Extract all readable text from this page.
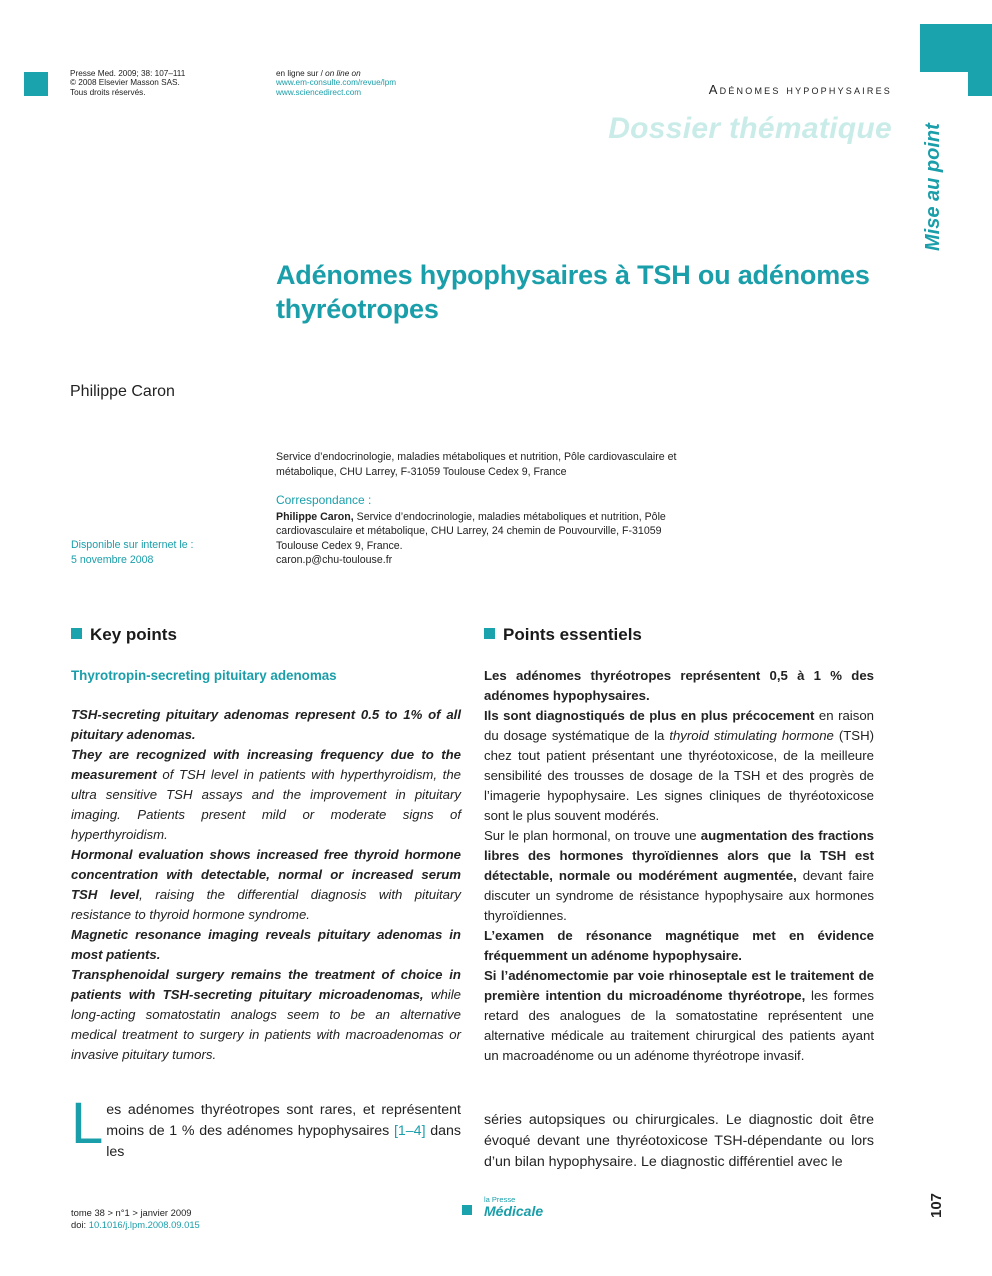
Presse Med. 2009; 38: 107–111
© 2008 Elsevier Masson SAS.
Tous droits réservés.
en ligne sur / on line on
www.em-consulte.com/revue/lpm
www.sciencedirect.com	Adénomes hypophysaires
Dossier thématique Mise au point
Adénomes hypophysaires à TSH ou adénomes thyréotropes
Philippe Caron
Service d’endocrinologie, maladies métaboliques et nutrition, Pôle cardiovasculaire et métabolique, CHU Larrey, F-31059 Toulouse Cedex 9, France
Correspondance :
Philippe Caron, Service d’endocrinologie, maladies métaboliques et nutrition, Pôle cardiovasculaire et métabolique, CHU Larrey, 24 chemin de Pouvourville, F-31059 Toulouse Cedex 9, France.
caron.p@chu-toulouse.fr
Disponible sur internet le :
5 novembre 2008
Key points
Thyrotropin-secreting pituitary adenomas

TSH-secreting pituitary adenomas represent 0.5 to 1% of all pituitary adenomas.

They are recognized with increasing frequency due to the measurement of TSH level in patients with hyperthyroidism, the ultra sensitive TSH assays and the improvement in pituitary imaging. Patients present mild or moderate signs of hyperthyroidism.

Hormonal evaluation shows increased free thyroid hormone concentration with detectable, normal or increased serum TSH level, raising the differential diagnosis with pituitary resistance to thyroid hormone syndrome.

Magnetic resonance imaging reveals pituitary adenomas in most patients.

Transphenoidal surgery remains the treatment of choice in patients with TSH-secreting pituitary microadenomas, while long-acting somatostatin analogs seem to be an alternative medical treatment to surgery in patients with macroadenomas or invasive pituitary tumors.

Points essentiels

Les adénomes thyréotropes représentent 0,5 à 1 % des adénomes hypophysaires.

Ils sont diagnostiqués de plus en plus précocement en raison du dosage systématique de la thyroid stimulating hormone (TSH) chez tout patient présentant une thyréotoxicose, de la meilleure sensibilité des trousses de dosage de la TSH et des progrès de l’imagerie hypophysaire. Les signes cliniques de thyréotoxicose sont le plus souvent modérés.

Sur le plan hormonal, on trouve une augmentation des fractions libres des hormones thyroïdiennes alors que la TSH est détectable, normale ou modérément augmentée, devant faire discuter un syndrome de résistance hypophysaire aux hormones thyroïdiennes.

L’examen de résonance magnétique met en évidence fréquemment un adénome hypophysaire.

Si l’adénomectomie par voie rhinoseptale est le traitement de première intention du microadénome thyréotrope, les formes retard des analogues de la somatostatine représentent une alternative médicale au traitement chirurgical des patients ayant un macroadénome ou un adénome thyréotrope invasif.

Les adénomes thyréotropes sont rares, et représentent moins de 1 % des adénomes hypophysaires [1–4] dans les
séries autopsiques ou chirurgicales. Le diagnostic doit être évoqué devant une thyréotoxicose TSH-dépendante ou lors d’un bilan hypophysaire. Le diagnostic différentiel avec le
tome 38 > n°1 > janvier 2009
doi: 10.1016/j.lpm.2008.09.015
la Presse
Médicale	107
